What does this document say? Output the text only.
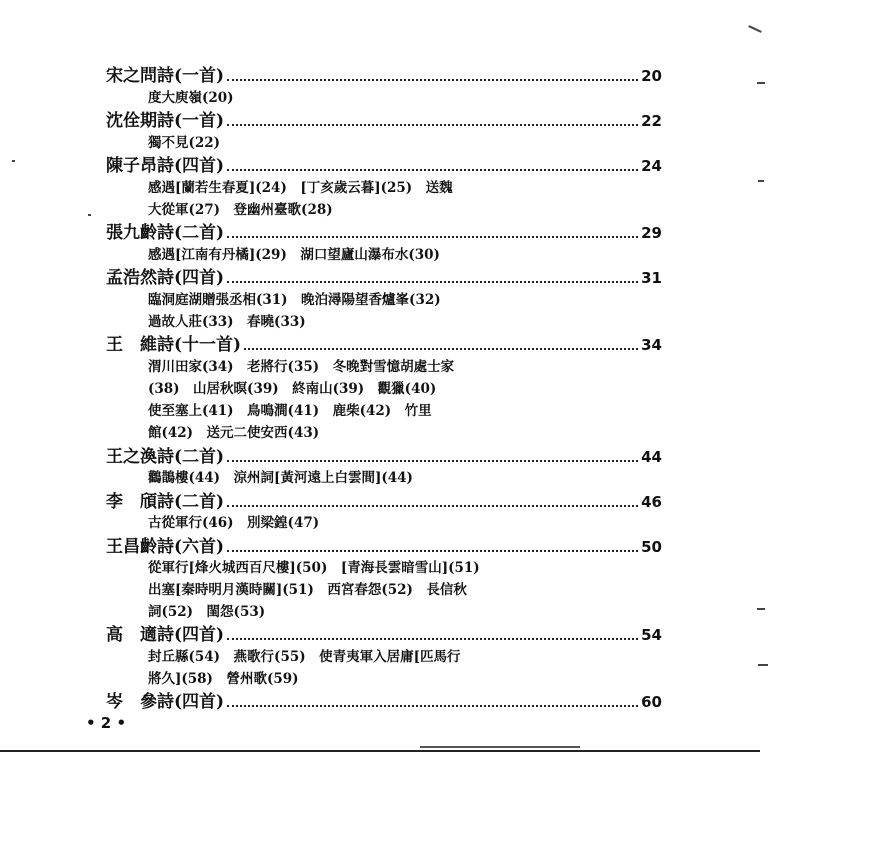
宋之問詩(一首)	20
度大庾嶺(20)
沈佺期詩(一首)	22
獨不見(22)
陳子昂詩(四首)	24
感遇[蘭若生春夏](24)　[丁亥歲云暮](25)　送魏
大從軍(27)　登幽州臺歌(28)
張九齡詩(二首)	29
感遇[江南有丹橘](29)　湖口望廬山瀑布水(30)
孟浩然詩(四首)	31
臨洞庭湖贈張丞相(31)　晚泊潯陽望香爐峯(32)
過故人莊(33)　春曉(33)
王　維詩(十一首)	34
渭川田家(34)　老將行(35)　冬晚對雪憶胡處士家
(38)　山居秋暝(39)　終南山(39)　觀獵(40)
使至塞上(41)　鳥鳴澗(41)　鹿柴(42)　竹里
館(42)　送元二使安西(43)
王之渙詩(二首)	44
鸛鵲樓(44)　涼州詞[黃河遠上白雲間](44)
李　頎詩(二首)	46
古從軍行(46)　別梁鍠(47)
王昌齡詩(六首)	50
從軍行[烽火城西百尺樓](50)　[青海長雲暗雪山](51)
出塞[秦時明月漢時關](51)　西宮春怨(52)　長信秋
詞(52)　閨怨(53)
高　適詩(四首)	54
封丘縣(54)　燕歌行(55)　使青夷軍入居庸[匹馬行
將久](58)　營州歌(59)
岑　參詩(四首)	60
• 2 •
